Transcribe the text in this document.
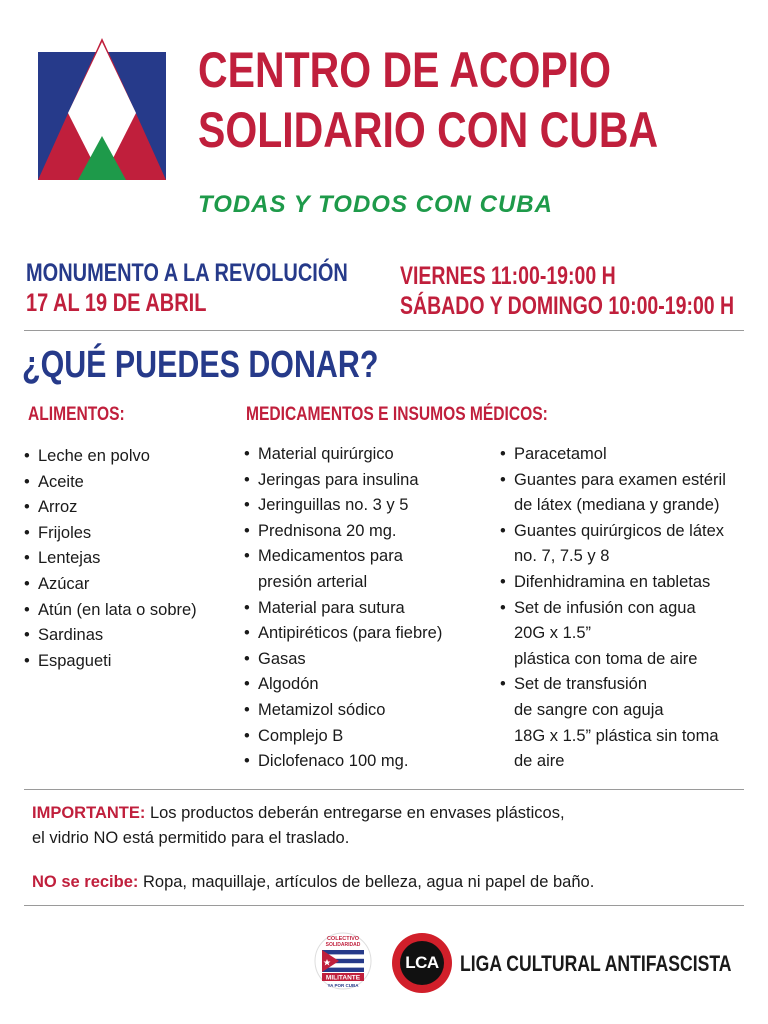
CENTRO DE ACOPIO
SOLIDARIO CON CUBA
TODAS Y TODOS CON CUBA
MONUMENTO A LA REVOLUCIÓN
17 AL 19 DE ABRIL
VIERNES 11:00-19:00 H
SÁBADO Y DOMINGO 10:00-19:00 H
¿QUÉ PUEDES DONAR?
ALIMENTOS:	MEDICAMENTOS E INSUMOS MÉDICOS:
• Leche en polvo
• Aceite
• Arroz
• Frijoles
• Lentejas
• Azúcar
• Atún (en lata o sobre)
• Sardinas
• Espagueti
• Material quirúrgico
• Jeringas para insulina
• Jeringuillas no. 3 y 5
• Prednisona 20 mg.
• Medicamentos para
presión arterial
• Material para sutura
• Antipiréticos (para fiebre)
• Gasas
• Algodón
• Metamizol sódico
• Complejo B
• Diclofenaco 100 mg.
• Paracetamol
• Guantes para examen estéril
de látex (mediana y grande)
• Guantes quirúrgicos de látex
no. 7, 7.5 y 8
• Difenhidramina en tabletas
• Set de infusión con agua
20G x 1.5”
plástica con toma de aire
• Set de transfusión
de sangre con aguja
18G x 1.5” plástica sin toma
de aire
IMPORTANTE: Los productos deberán entregarse en envases plásticos,
el vidrio NO está permitido para el traslado.
NO se recibe: Ropa, maquillaje, artículos de belleza, agua ni papel de baño.
COLECTIVO
SOLIDARIDAD
MILITANTE
YA POR CUBA
LCA LIGA CULTURAL ANTIFASCISTA
